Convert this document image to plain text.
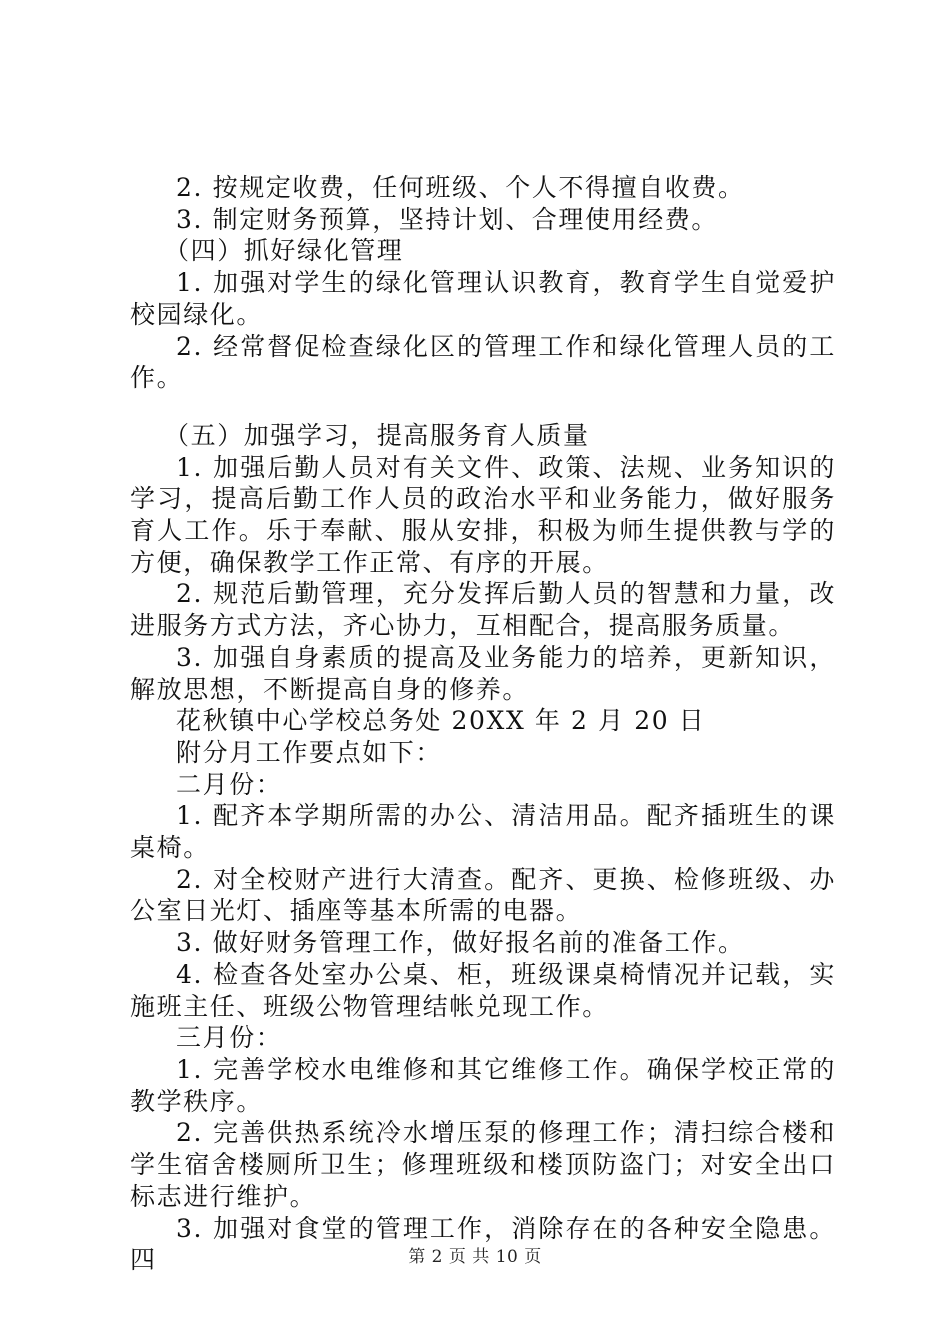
2. 按规定收费，任何班级、个人不得擅自收费。

3. 制定财务预算，坚持计划、合理使用经费。

（四）抓好绿化管理

1. 加强对学生的绿化管理认识教育，教育学生自觉爱护校园绿化。

2. 经常督促检查绿化区的管理工作和绿化管理人员的工作。

（五）加强学习，提高服务育人质量

1. 加强后勤人员对有关文件、政策、法规、业务知识的学习，提高后勤工作人员的政治水平和业务能力，做好服务育人工作。乐于奉献、服从安排，积极为师生提供教与学的方便，确保教学工作正常、有序的开展。

2. 规范后勤管理，充分发挥后勤人员的智慧和力量，改进服务方式方法，齐心协力，互相配合，提高服务质量。

3. 加强自身素质的提高及业务能力的培养，更新知识，解放思想，不断提高自身的修养。

花秋镇中心学校总务处 20XX 年 2 月 20 日

附分月工作要点如下：

二月份：

1. 配齐本学期所需的办公、清洁用品。配齐插班生的课桌椅。

2. 对全校财产进行大清查。配齐、更换、检修班级、办公室日光灯、插座等基本所需的电器。

3. 做好财务管理工作，做好报名前的准备工作。

4. 检查各处室办公桌、柜，班级课桌椅情况并记载，实施班主任、班级公物管理结帐兑现工作。

三月份：

1. 完善学校水电维修和其它维修工作。确保学校正常的教学秩序。

2. 完善供热系统冷水增压泵的修理工作；清扫综合楼和学生宿舍楼厕所卫生；修理班级和楼顶防盗门；对安全出口标志进行维护。

3. 加强对食堂的管理工作，消除存在的各种安全隐患。四	第 2 页 共 10 页
